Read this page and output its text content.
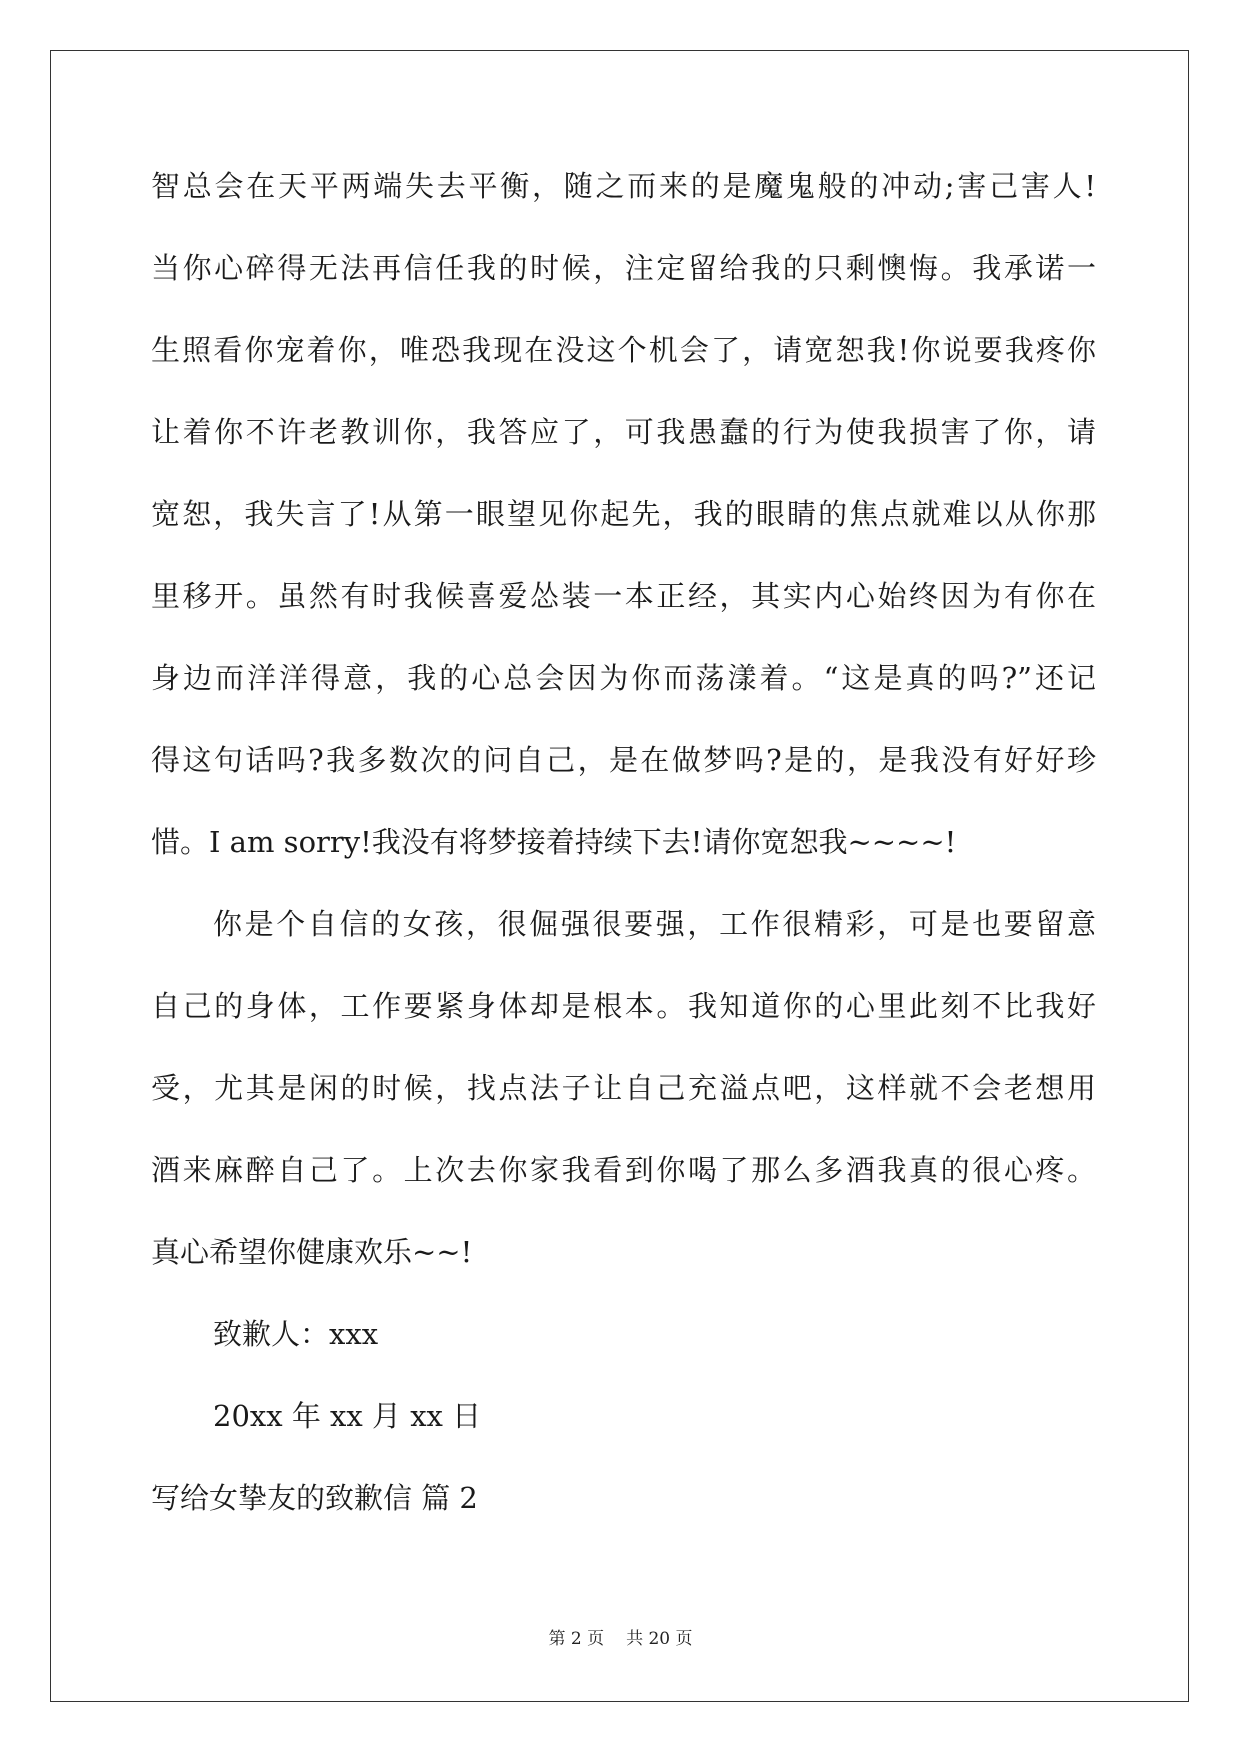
智总会在天平两端失去平衡，随之而来的是魔鬼般的冲动;害己害人!
当你心碎得无法再信任我的时候，注定留给我的只剩懊悔。我承诺一
生照看你宠着你，唯恐我现在没这个机会了，请宽恕我!你说要我疼你
让着你不许老教训你，我答应了，可我愚蠢的行为使我损害了你，请
宽恕，我失言了!从第一眼望见你起先，我的眼睛的焦点就难以从你那
里移开。虽然有时我候喜爱怂装一本正经，其实内心始终因为有你在
身边而洋洋得意，我的心总会因为你而荡漾着。“这是真的吗?”还记
得这句话吗?我多数次的问自己，是在做梦吗?是的，是我没有好好珍
惜。I am sorry!我没有将梦接着持续下去!请你宽恕我~~~~!
你是个自信的女孩，很倔强很要强，工作很精彩，可是也要留意
自己的身体，工作要紧身体却是根本。我知道你的心里此刻不比我好
受，尤其是闲的时候，找点法子让自己充溢点吧，这样就不会老想用
酒来麻醉自己了。上次去你家我看到你喝了那么多酒我真的很心疼。
真心希望你健康欢乐~~!
致歉人：xxx
20xx 年 xx 月 xx 日
写给女挚友的致歉信 篇 2
第 2 页 共 20 页
